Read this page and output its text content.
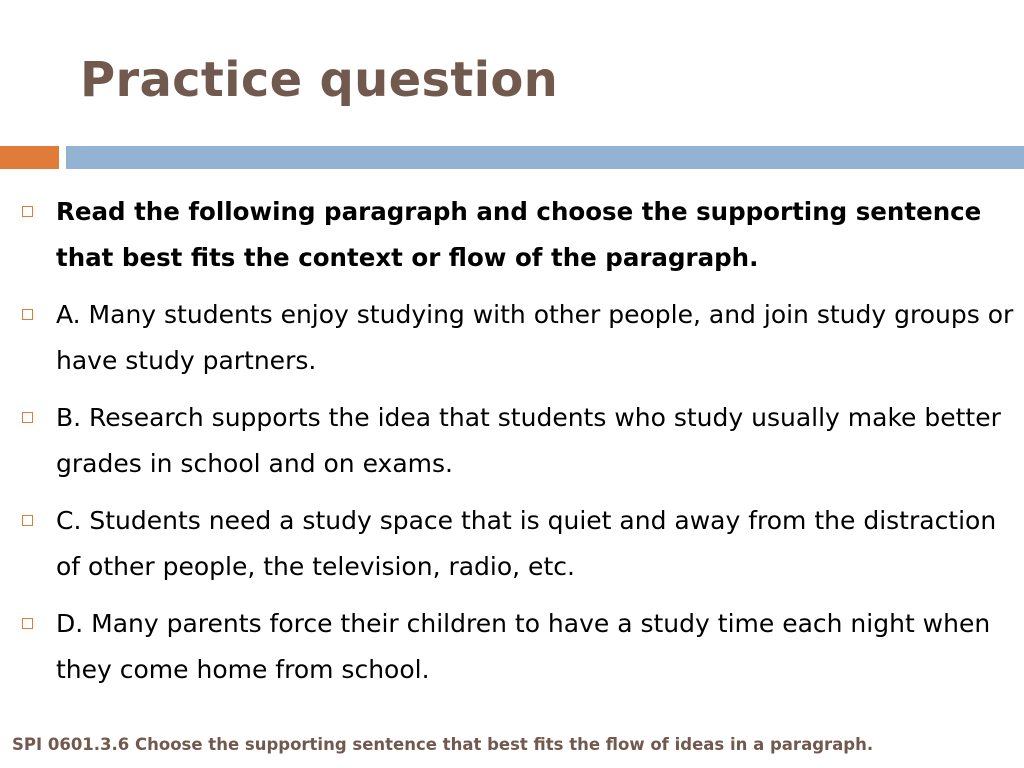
Practice question
Read the following paragraph and choose the supporting sentence that best fits the context or flow of the paragraph.
A. Many students enjoy studying with other people, and join study groups or have study partners.
B. Research supports the idea that students who study usually make better grades in school and on exams.
C. Students need a study space that is quiet and away from the distraction of other people, the television, radio, etc.
D. Many parents force their children to have a study time each night when they come home from school.

SPI 0601.3.6 Choose the supporting sentence that best fits the flow of ideas in a paragraph.
